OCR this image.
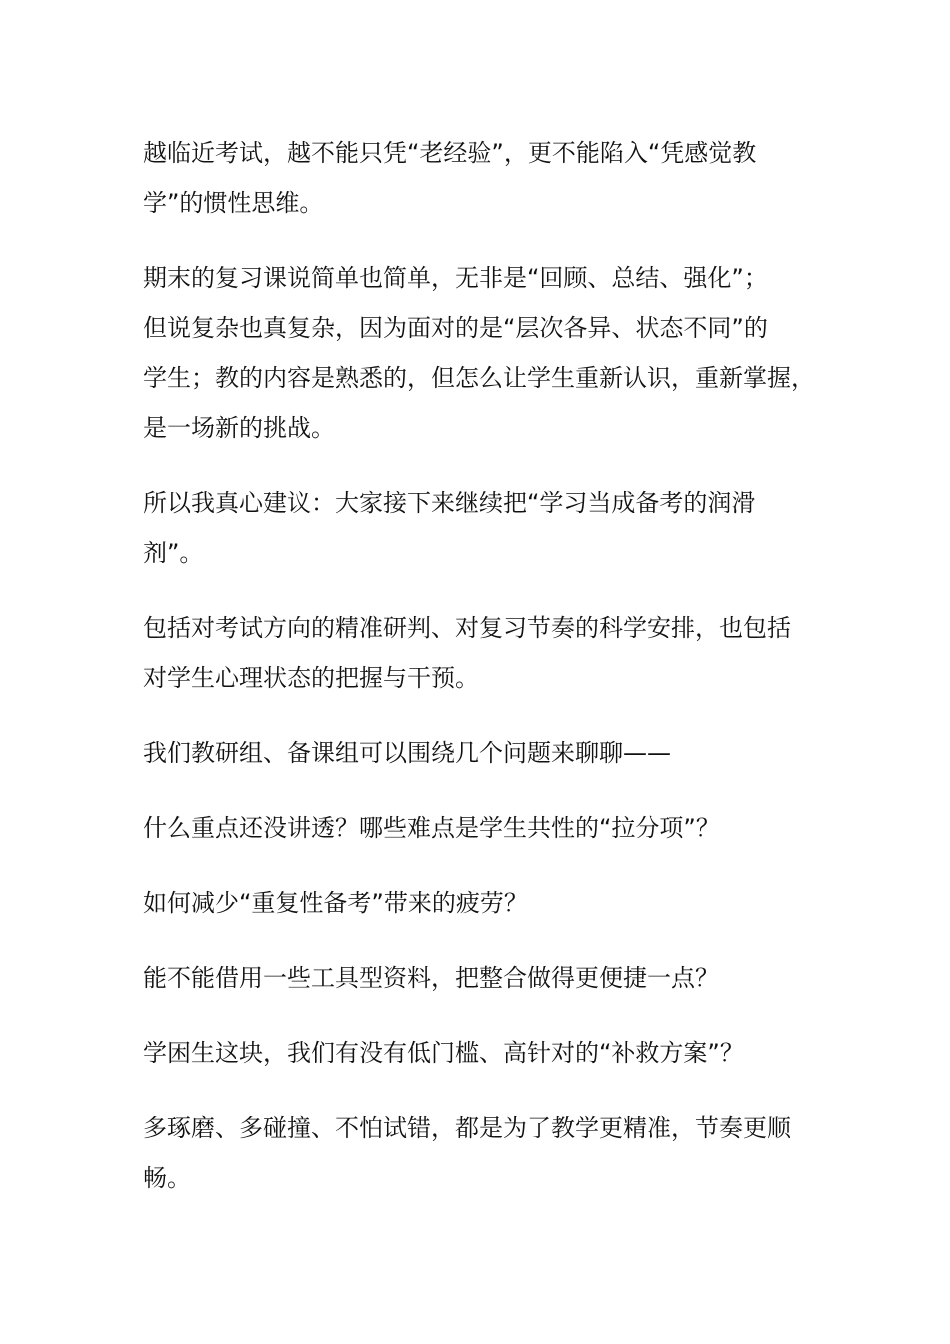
越临近考试，越不能只凭“老经验”，更不能陷入“凭感觉教
学”的惯性思维。

期末的复习课说简单也简单，无非是“回顾、总结、强化”；
但说复杂也真复杂，因为面对的是“层次各异、状态不同”的
学生；教的内容是熟悉的，但怎么让学生重新认识，重新掌握，
是一场新的挑战。

所以我真心建议：大家接下来继续把“学习当成备考的润滑
剂”。

包括对考试方向的精准研判、对复习节奏的科学安排，也包括
对学生心理状态的把握与干预。

我们教研组、备课组可以围绕几个问题来聊聊——

什么重点还没讲透？哪些难点是学生共性的“拉分项”？

如何减少“重复性备考”带来的疲劳？

能不能借用一些工具型资料，把整合做得更便捷一点？

学困生这块，我们有没有低门槛、高针对的“补救方案”？

多琢磨、多碰撞、不怕试错，都是为了教学更精准，节奏更顺
畅。
